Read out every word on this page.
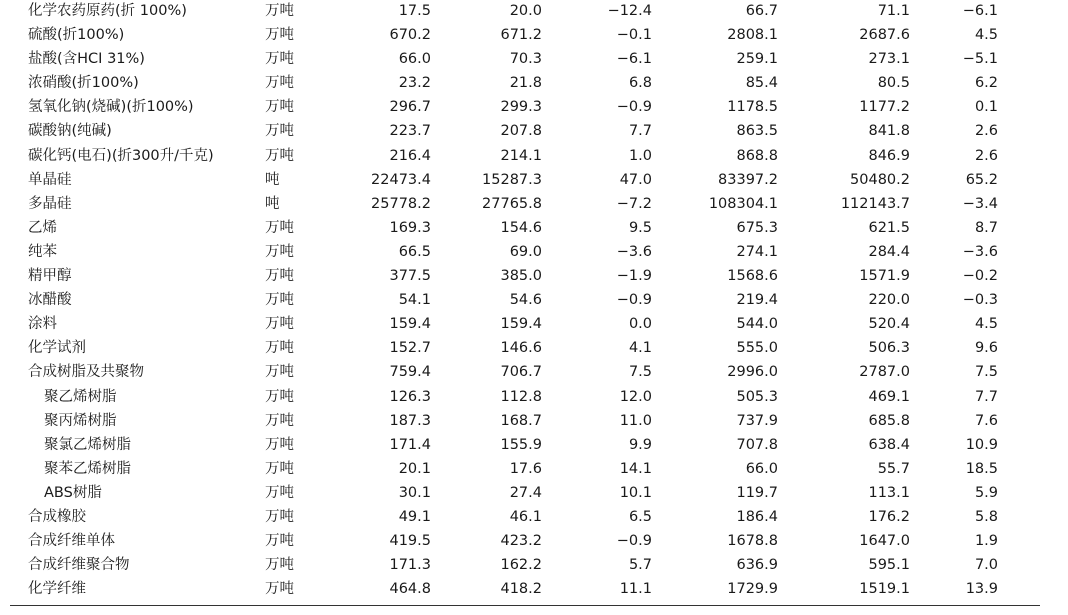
化学农药原药(折 100%)	万吨	17.5	20.0	−12.4	66.7	71.1	−6.1
硫酸(折100%)	万吨	670.2	671.2	−0.1	2808.1	2687.6	4.5
盐酸(含HCI 31%)	万吨	66.0	70.3	−6.1	259.1	273.1	−5.1
浓硝酸(折100%)	万吨	23.2	21.8	6.8	85.4	80.5	6.2
氢氧化钠(烧碱)(折100%)	万吨	296.7	299.3	−0.9	1178.5	1177.2	0.1
碳酸钠(纯碱)	万吨	223.7	207.8	7.7	863.5	841.8	2.6
碳化钙(电石)(折300升/千克)	万吨	216.4	214.1	1.0	868.8	846.9	2.6
单晶硅	吨	22473.4	15287.3	47.0	83397.2	50480.2	65.2
多晶硅	吨	25778.2	27765.8	−7.2	108304.1	112143.7	−3.4
乙烯	万吨	169.3	154.6	9.5	675.3	621.5	8.7
纯苯	万吨	66.5	69.0	−3.6	274.1	284.4	−3.6
精甲醇	万吨	377.5	385.0	−1.9	1568.6	1571.9	−0.2
冰醋酸	万吨	54.1	54.6	−0.9	219.4	220.0	−0.3
涂料	万吨	159.4	159.4	0.0	544.0	520.4	4.5
化学试剂	万吨	152.7	146.6	4.1	555.0	506.3	9.6
合成树脂及共聚物	万吨	759.4	706.7	7.5	2996.0	2787.0	7.5
聚乙烯树脂	万吨	126.3	112.8	12.0	505.3	469.1	7.7
聚丙烯树脂	万吨	187.3	168.7	11.0	737.9	685.8	7.6
聚氯乙烯树脂	万吨	171.4	155.9	9.9	707.8	638.4	10.9
聚苯乙烯树脂	万吨	20.1	17.6	14.1	66.0	55.7	18.5
ABS树脂	万吨	30.1	27.4	10.1	119.7	113.1	5.9
合成橡胶	万吨	49.1	46.1	6.5	186.4	176.2	5.8
合成纤维单体	万吨	419.5	423.2	−0.9	1678.8	1647.0	1.9
合成纤维聚合物	万吨	171.3	162.2	5.7	636.9	595.1	7.0
化学纤维	万吨	464.8	418.2	11.1	1729.9	1519.1	13.9
